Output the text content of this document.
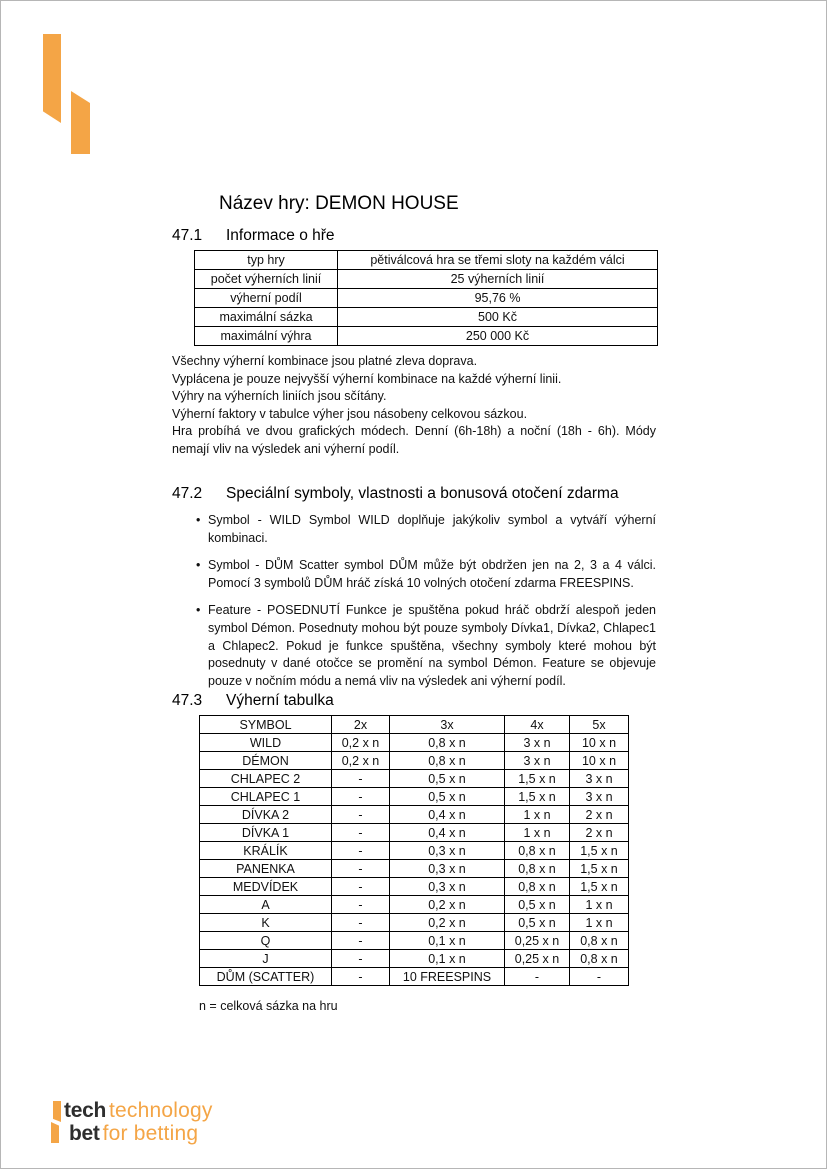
Název hry: DEMON HOUSE
47.1	Informace o hře
typ hry	pětiválcová hra se třemi sloty na každém válci
počet výherních linií	25 výherních linií
výherní podíl	95,76 %
maximální sázka	500 Kč
maximální výhra	250 000 Kč

Všechny výherní kombinace jsou platné zleva doprava.

Vyplácena je pouze nejvyšší výherní kombinace na každé výherní linii.

Výhry na výherních liniích jsou sčítány.

Výherní faktory v tabulce výher jsou násobeny celkovou sázkou.

Hra probíhá ve dvou grafických módech. Denní (6h-18h) a noční (18h - 6h). Módy nemají vliv na výsledek ani výherní podíl.

47.2	Speciální symboly, vlastnosti a bonusová otočení zdarma
• Symbol - WILD Symbol WILD doplňuje jakýkoliv symbol a vytváří výherní kombinaci.
• Symbol - DŮM Scatter symbol DŮM může být obdržen jen na 2, 3 a 4 válci. Pomocí 3 symbolů DŮM hráč získá 10 volných otočení zdarma FREESPINS.
• Feature - POSEDNUTÍ Funkce je spuštěna pokud hráč obdrží alespoň jeden symbol Démon. Posednuty mohou být pouze symboly Dívka1, Dívka2, Chlapec1 a Chlapec2. Pokud je funkce spuštěna, všechny symboly které mohou být posednuty v dané otočce se promění na symbol Démon. Feature se objevuje pouze v nočním módu a nemá vliv na výsledek ani výherní podíl.
47.3	Výherní tabulka
SYMBOL	2x	3x	4x	5x
WILD	0,2 x n	0,8 x n	3 x n	10 x n
DÉMON	0,2 x n	0,8 x n	3 x n	10 x n
CHLAPEC 2	-	0,5 x n	1,5 x n	3 x n
CHLAPEC 1	-	0,5 x n	1,5 x n	3 x n
DÍVKA 2	-	0,4 x n	1 x n	2 x n
DÍVKA 1	-	0,4 x n	1 x n	2 x n
KRÁLÍK	-	0,3 x n	0,8 x n	1,5 x n
PANENKA	-	0,3 x n	0,8 x n	1,5 x n
MEDVÍDEK	-	0,3 x n	0,8 x n	1,5 x n
A	-	0,2 x n	0,5 x n	1 x n
K	-	0,2 x n	0,5 x n	1 x n
Q	-	0,1 x n	0,25 x n	0,8 x n
J	-	0,1 x n	0,25 x n	0,8 x n
DŮM (SCATTER)	-	10 FREESPINS	-	-

n = celková sázka na hru

tech technology
bet for betting
